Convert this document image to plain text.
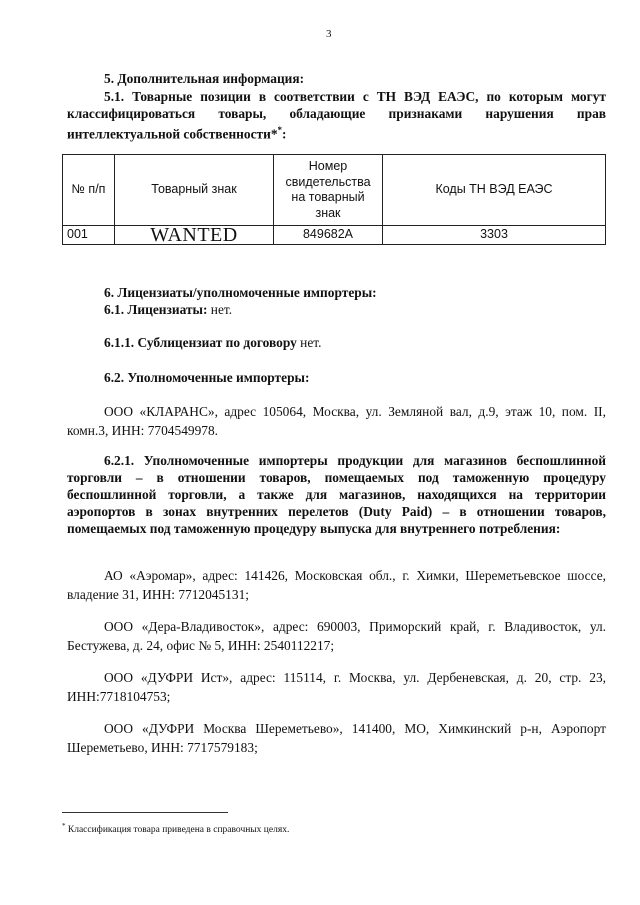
3
5. Дополнительная информация:
5.1. Товарные позиции в соответствии с ТН ВЭД ЕАЭС, по которым могут классифицироваться товары, обладающие признаками нарушения прав интеллектуальной собственности**:
№ п/п	Товарный знак	Номер свидетельства на товарный знак	Коды ТН ВЭД ЕАЭС
001	WANTED	849682A	3303
6. Лицензиаты/уполномоченные импортеры:
6.1. Лицензиаты: нет.
6.1.1. Сублицензиат по договору нет.
6.2. Уполномоченные импортеры:
ООО «КЛАРАНС», адрес 105064, Москва, ул. Земляной вал, д.9, этаж 10, пом. II, комн.3, ИНН: 7704549978.
6.2.1. Уполномоченные импортеры продукции для магазинов беспошлинной торговли – в отношении товаров, помещаемых под таможенную процедуру беспошлинной торговли, а также для магазинов, находящихся на территории аэропортов в зонах внутренних перелетов (Duty Paid) – в отношении товаров, помещаемых под таможенную процедуру выпуска для внутреннего потребления:
АО «Аэромар», адрес: 141426, Московская обл., г. Химки, Шереметьевское шоссе, владение 31, ИНН: 7712045131;
ООО «Дера-Владивосток», адрес: 690003, Приморский край, г. Владивосток, ул. Бестужева, д. 24, офис № 5, ИНН: 2540112217;
ООО «ДУФРИ Ист», адрес: 115114, г. Москва, ул. Дербеневская, д. 20, стр. 23, ИНН:7718104753;
ООО «ДУФРИ Москва Шереметьево», 141400, МО, Химкинский р-н, Аэропорт Шереметьево, ИНН: 7717579183;
* Классификация товара приведена в справочных целях.
